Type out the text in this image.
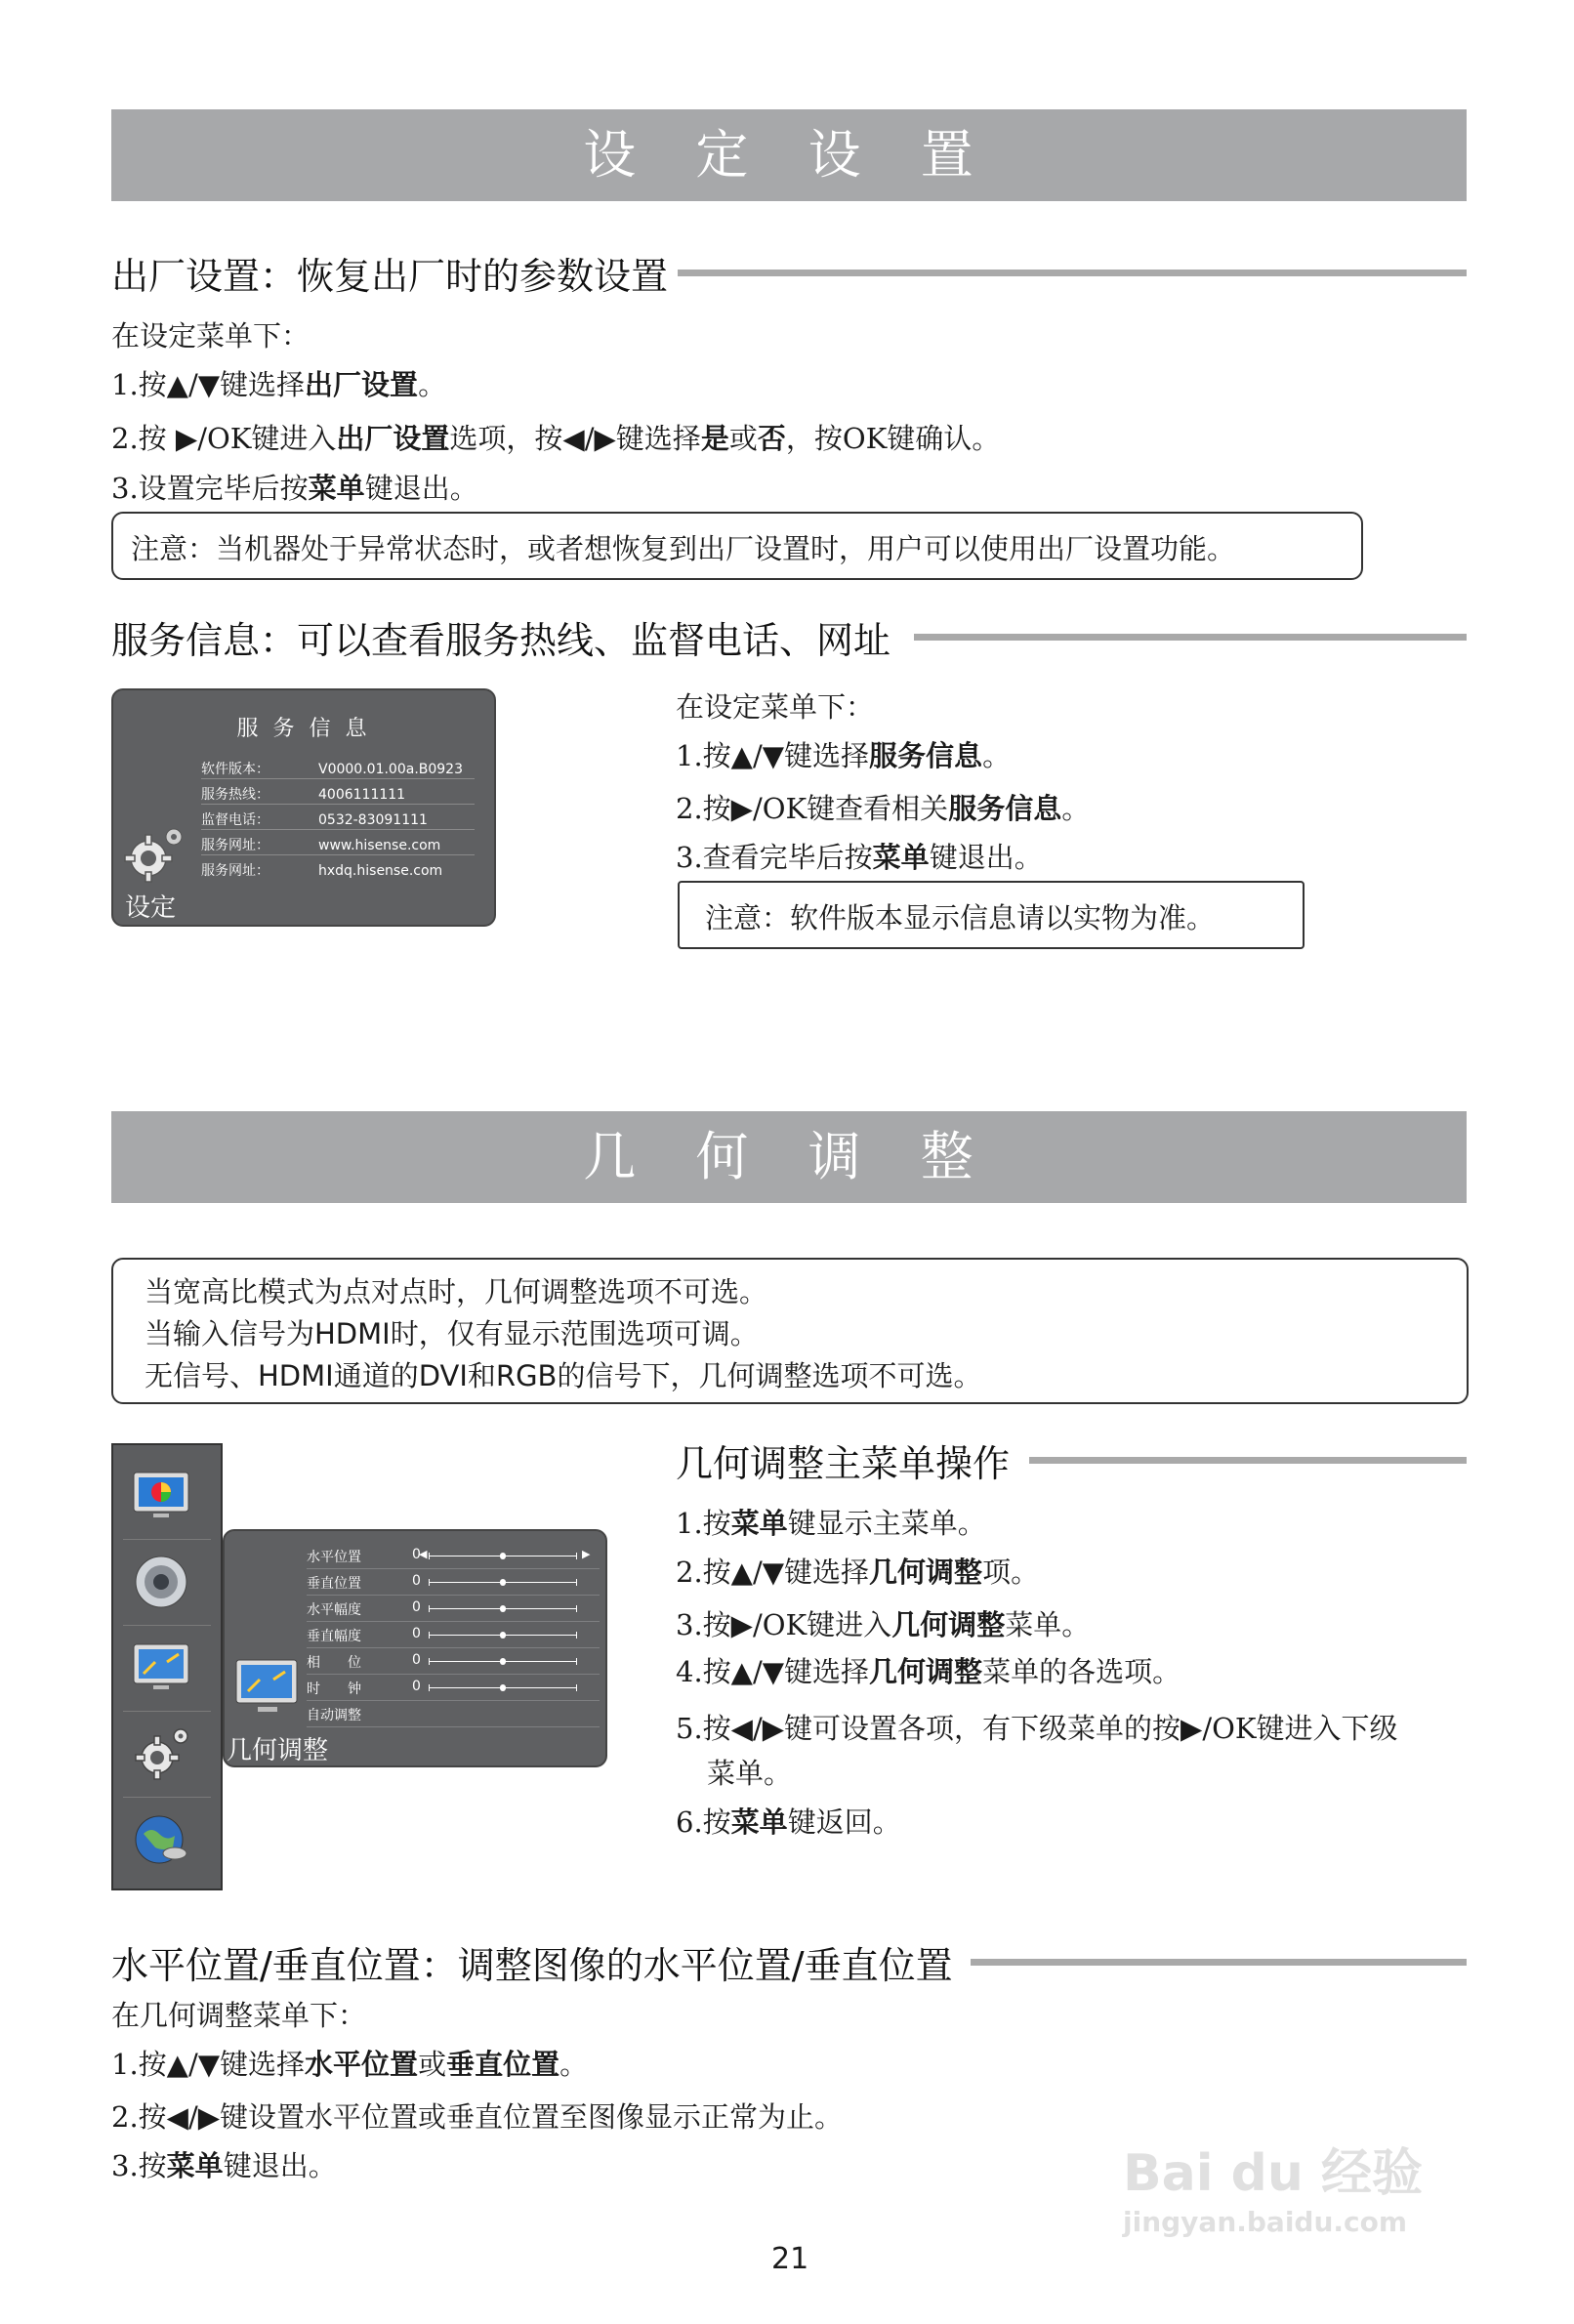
设 定 设 置
出厂设置：恢复出厂时的参数设置
在设定菜单下：
1.按▲/▼键选择出厂设置。
2.按 ▶/OK键进入出厂设置选项，按◀/▶键选择是或否，按OK键确认。
3.设置完毕后按菜单键退出。
注意：当机器处于异常状态时，或者想恢复到出厂设置时，用户可以使用出厂设置功能。
服务信息：可以查看服务热线、监督电话、网址
服 务 信 息
软件版本：	V0000.01.00a.B0923
服务热线：	4006111111
监督电话：	0532-83091111
服务网址：	www.hisense.com
服务网址：	hxdq.hisense.com
设定
在设定菜单下：
1.按▲/▼键选择服务信息。
2.按▶/OK键查看相关服务信息。
3.查看完毕后按菜单键退出。
注意：软件版本显示信息请以实物为准。
几 何 调 整
当宽高比模式为点对点时，几何调整选项不可选。
当输入信号为HDMI时，仅有显示范围选项可调。
无信号、HDMI通道的DVI和RGB的信号下，几何调整选项不可选。
水平位置	0
◀	▶
垂直位置	0
水平幅度	0
垂直幅度	0
相　　位	0
时　　钟	0
自动调整
几何调整
几何调整主菜单操作
1.按菜单键显示主菜单。
2.按▲/▼键选择几何调整项。
3.按▶/OK键进入几何调整菜单。
4.按▲/▼键选择几何调整菜单的各选项。
5.按◀/▶键可设置各项，有下级菜单的按▶/OK键进入下级
菜单。
6.按菜单键返回。
水平位置/垂直位置：调整图像的水平位置/垂直位置
在几何调整菜单下：
1.按▲/▼键选择水平位置或垂直位置。
2.按◀/▶键设置水平位置或垂直位置至图像显示正常为止。
3.按菜单键退出。
21
Bai du 经验
jingyan.baidu.com
